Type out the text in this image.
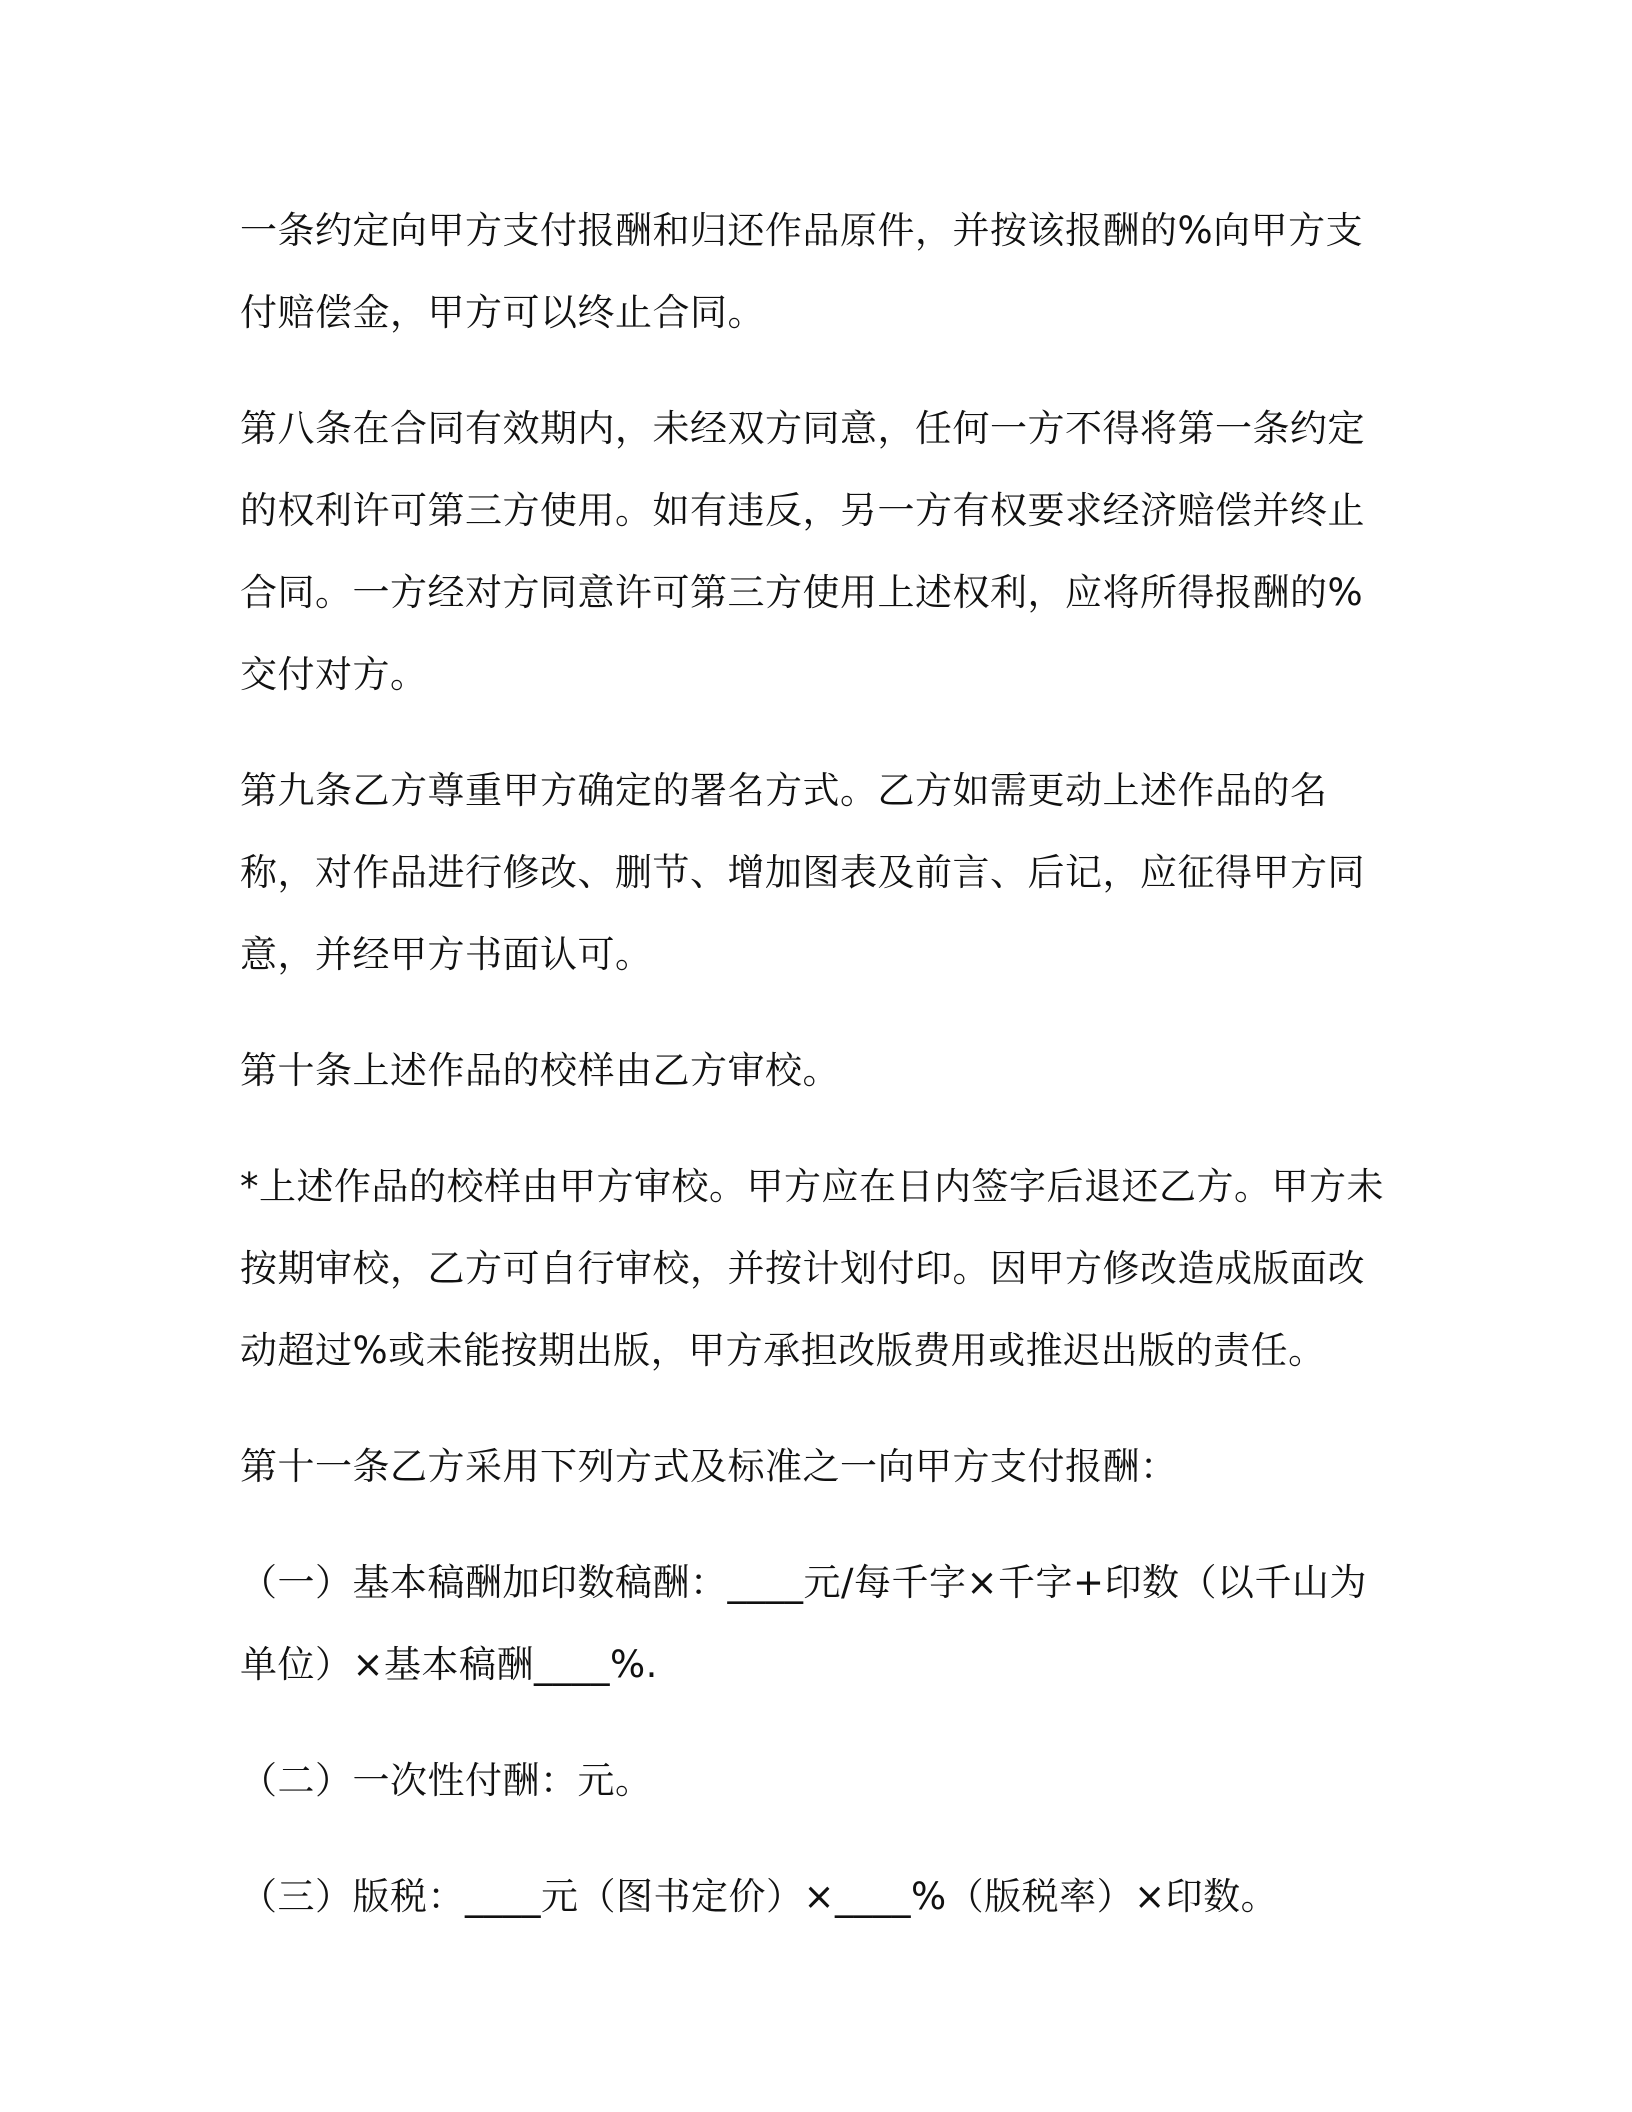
一条约定向甲方支付报酬和归还作品原件，并按该报酬的%向甲方支付赔偿金，甲方可以终止合同。

第八条在合同有效期内，未经双方同意，任何一方不得将第一条约定的权利许可第三方使用。如有违反，另一方有权要求经济赔偿并终止合同。一方经对方同意许可第三方使用上述权利，应将所得报酬的%交付对方。

第九条乙方尊重甲方确定的署名方式。乙方如需更动上述作品的名称，对作品进行修改、删节、增加图表及前言、后记，应征得甲方同意，并经甲方书面认可。

第十条上述作品的校样由乙方审校。

*上述作品的校样由甲方审校。甲方应在日内签字后退还乙方。甲方未按期审校，乙方可自行审校，并按计划付印。因甲方修改造成版面改动超过%或未能按期出版，甲方承担改版费用或推迟出版的责任。

第十一条乙方采用下列方式及标准之一向甲方支付报酬：

（一）基本稿酬加印数稿酬：____元/每千字×千字+印数（以千山为单位）×基本稿酬____%.

（二）一次性付酬：元。

（三）版税：____元（图书定价）×____%（版税率）×印数。
